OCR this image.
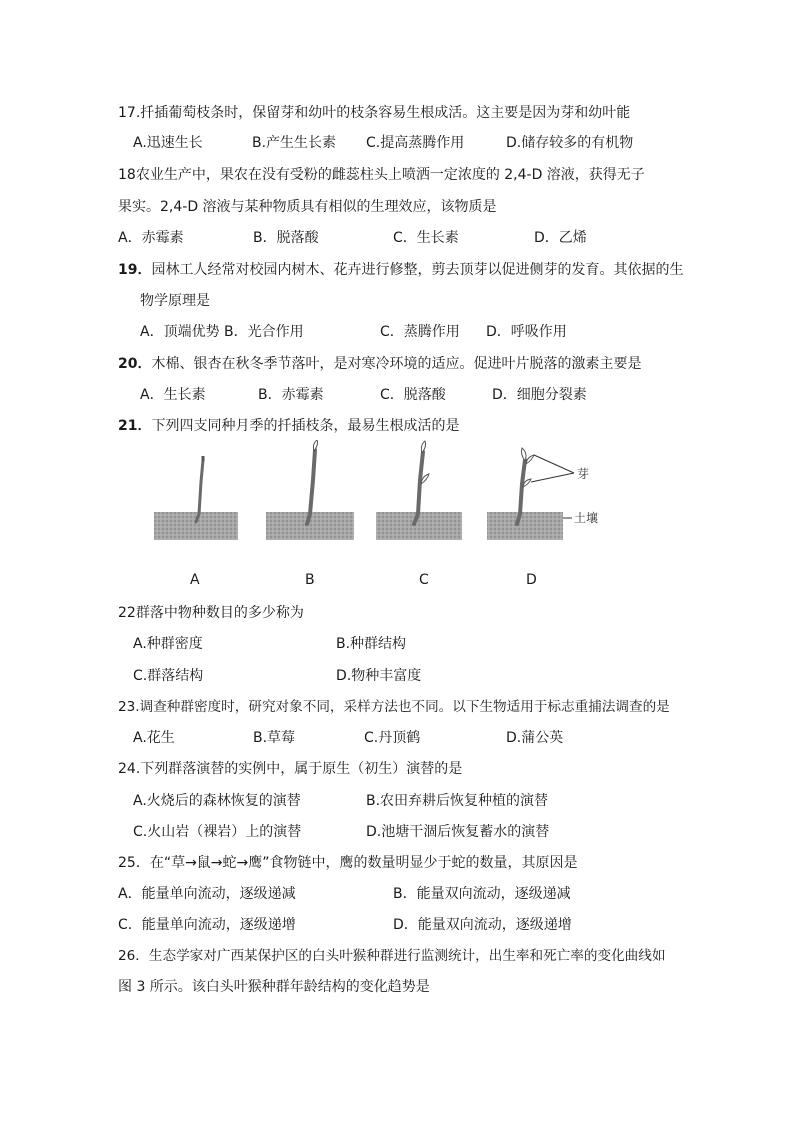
17.扦插葡萄枝条时，保留芽和幼叶的枝条容易生根成活。这主要是因为芽和幼叶能
A.迅速生长	B.产生生长素 C.提高蒸腾作用	D.储存较多的有机物
18农业生产中，果农在没有受粉的雌蕊柱头上喷洒一定浓度的 2,4-D 溶液，获得无子
果实。2,4-D 溶液与某种物质具有相似的生理效应，该物质是
A．赤霉素	B．脱落酸	C．生长素	D．乙烯
19．园林工人经常对校园内树木、花卉进行修整，剪去顶芽以促进侧芽的发育。其依据的生
物学原理是
A．顶端优势 B．光合作用	C．蒸腾作用 D．呼吸作用
20．木棉、银杏在秋冬季节落叶，是对寒冷环境的适应。促进叶片脱落的激素主要是
A．生长素	B．赤霉素	C．脱落酸	D．细胞分裂素
21．下列四支同种月季的扦插枝条，最易生根成活的是
芽
土壤
A	B	C	D
22群落中物种数目的多少称为
A.种群密度	B.种群结构
C.群落结构	D.物种丰富度
23.调查种群密度时，研究对象不同，采样方法也不同。以下生物适用于标志重捕法调查的是
A.花生	B.草莓	C.丹顶鹤	D.蒲公英
24.下列群落演替的实例中，属于原生（初生）演替的是
A.火烧后的森林恢复的演替	B.农田弃耕后恢复种植的演替
C.火山岩（裸岩）上的演替	D.池塘干涸后恢复蓄水的演替
25．在“草→鼠→蛇→鹰”食物链中，鹰的数量明显少于蛇的数量，其原因是
A．能量单向流动，逐级递减	B．能量双向流动，逐级递减
C．能量单向流动，逐级递增	D．能量双向流动，逐级递增
26．生态学家对广西某保护区的白头叶猴种群进行监测统计，出生率和死亡率的变化曲线如
图 3 所示。该白头叶猴种群年龄结构的变化趋势是
